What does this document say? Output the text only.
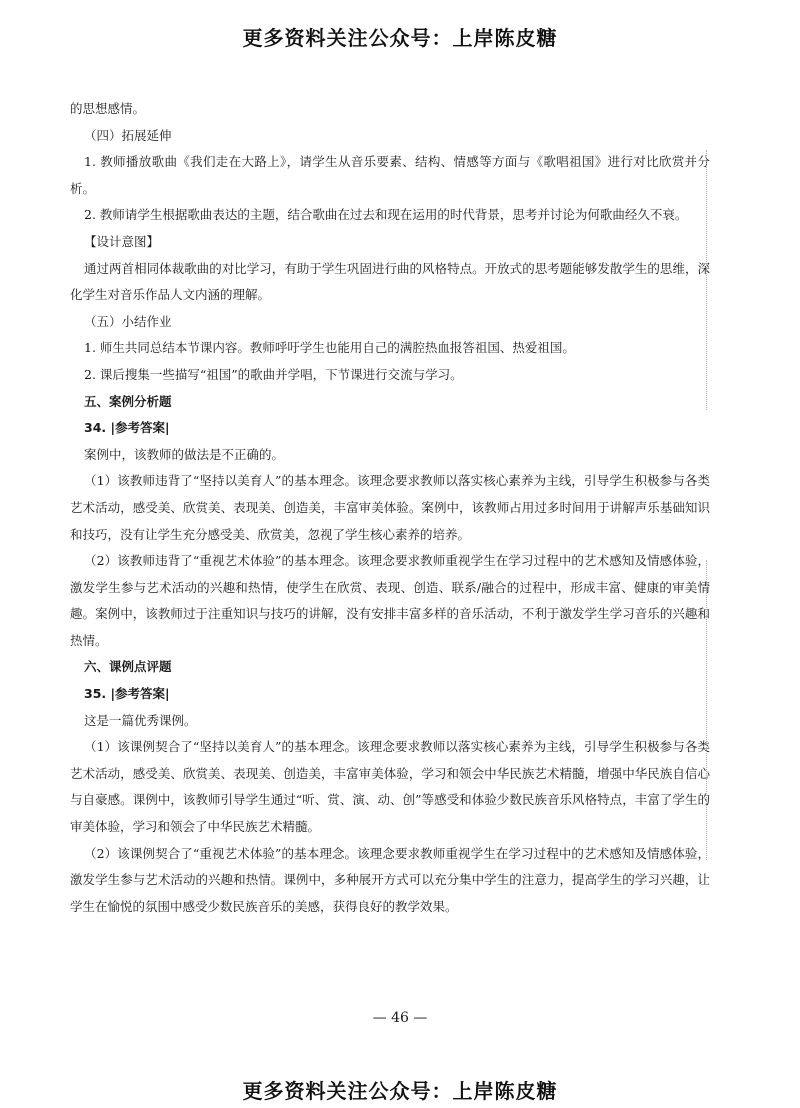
更多资料关注公众号：上岸陈皮糖

的思想感情。

（四）拓展延伸

1. 教师播放歌曲《我们走在大路上》，请学生从音乐要素、结构、情感等方面与《歌唱祖国》进行对比欣赏并分析。

2. 教师请学生根据歌曲表达的主题，结合歌曲在过去和现在运用的时代背景，思考并讨论为何歌曲经久不衰。

【设计意图】

通过两首相同体裁歌曲的对比学习，有助于学生巩固进行曲的风格特点。开放式的思考题能够发散学生的思维，深化学生对音乐作品人文内涵的理解。

（五）小结作业

1. 师生共同总结本节课内容。教师呼吁学生也能用自己的满腔热血报答祖国、热爱祖国。

2. 课后搜集一些描写“祖国”的歌曲并学唱，下节课进行交流与学习。

五、案例分析题

34. |参考答案|

案例中，该教师的做法是不正确的。

（1）该教师违背了“坚持以美育人”的基本理念。该理念要求教师以落实核心素养为主线，引导学生积极参与各类艺术活动，感受美、欣赏美、表现美、创造美，丰富审美体验。案例中，该教师占用过多时间用于讲解声乐基础知识和技巧，没有让学生充分感受美、欣赏美，忽视了学生核心素养的培养。

（2）该教师违背了“重视艺术体验”的基本理念。该理念要求教师重视学生在学习过程中的艺术感知及情感体验，激发学生参与艺术活动的兴趣和热情，使学生在欣赏、表现、创造、联系/融合的过程中，形成丰富、健康的审美情趣。案例中，该教师过于注重知识与技巧的讲解，没有安排丰富多样的音乐活动，不利于激发学生学习音乐的兴趣和热情。

六、课例点评题

35. |参考答案|

这是一篇优秀课例。

（1）该课例契合了“坚持以美育人”的基本理念。该理念要求教师以落实核心素养为主线，引导学生积极参与各类艺术活动，感受美、欣赏美、表现美、创造美，丰富审美体验，学习和领会中华民族艺术精髓，增强中华民族自信心与自豪感。课例中，该教师引导学生通过“听、赏、演、动、创”等感受和体验少数民族音乐风格特点，丰富了学生的审美体验，学习和领会了中华民族艺术精髓。

（2）该课例契合了“重视艺术体验”的基本理念。该理念要求教师重视学生在学习过程中的艺术感知及情感体验，激发学生参与艺术活动的兴趣和热情。课例中，多种展开方式可以充分集中学生的注意力，提高学生的学习兴趣，让学生在愉悦的氛围中感受少数民族音乐的美感，获得良好的教学效果。

— 46 —
更多资料关注公众号：上岸陈皮糖
